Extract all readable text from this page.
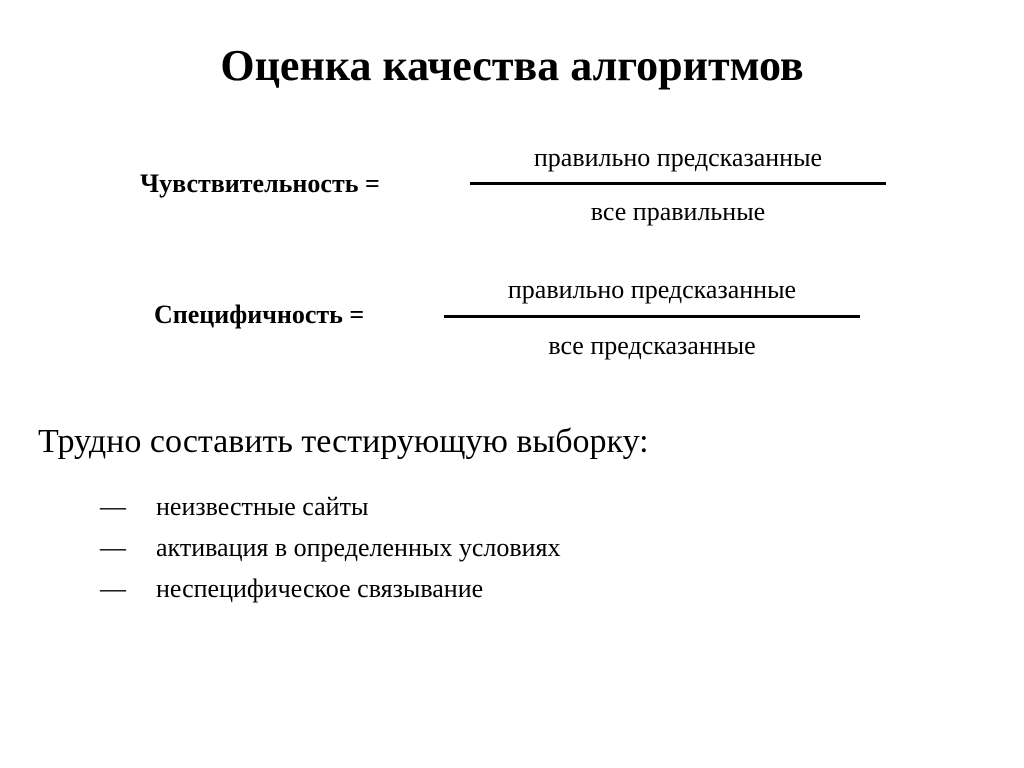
Оценка качества алгоритмов
Чувствительность =
правильно предсказанные
все правильные
Специфичность =
правильно предсказанные
все предсказанные
Трудно составить тестирующую выборку:
—	неизвестные сайты
—	активация в определенных условиях
—	неспецифическое связывание
